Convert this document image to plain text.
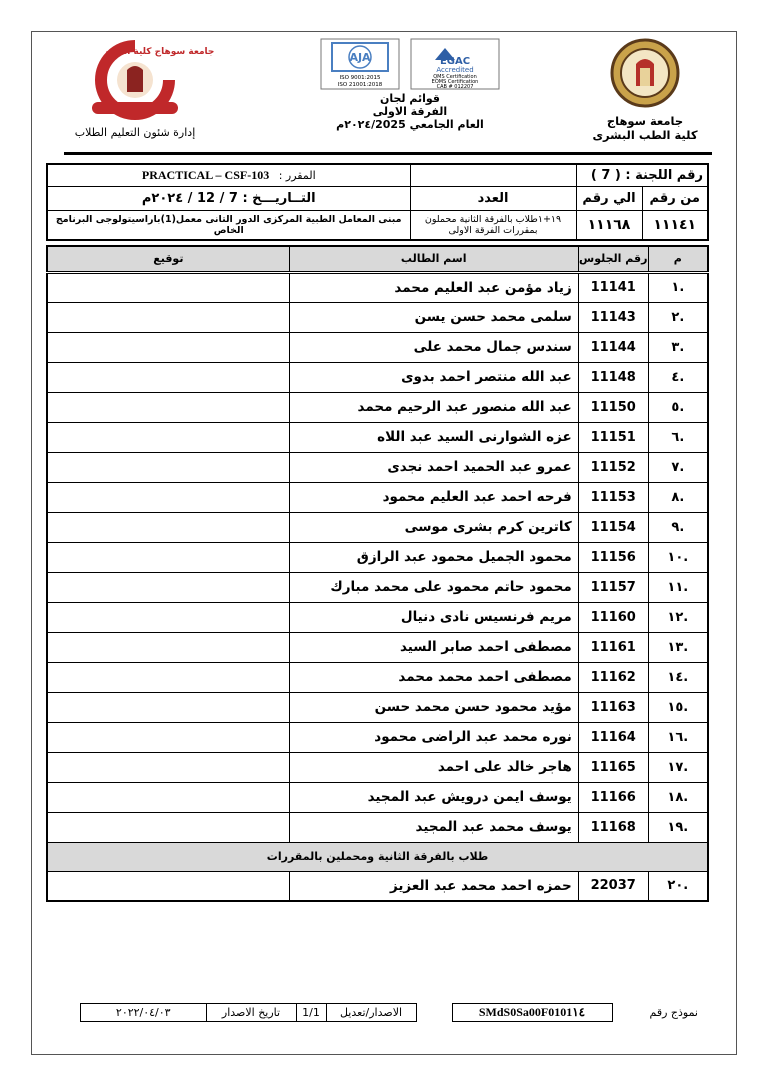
جامعة سوهاج
كلية الطب البشرى
EGAC
Accredited
QMS Certification
EOMS Certification
CAB # 012207
AJA
ISO 9001:2015
ISO 21001:2018
قوائم لجان
الفرقة الاولى
العام الجامعي ٢٠٢٤/2025م
جامعة سوهاج كلية الطب
إدارة شئون التعليم الطلاب
رقم اللجنة : ( 7 )			المقرر : PRACTICAL – CSF-103
من رقم	الي رقم	العدد	التــاريـــخ : 7 / 12 / ٢٠٢٤م
١١١٤١	١١١٦٨	١٩+١طلاب بالفرقة الثانية محملون بمقررات الفرقة الاولى	مبنى المعامل الطبية المركزى الدور التانى معمل(1)باراسيتولوجى البرنامج الخاص
م	رقم الجلوس	اسم الطالب	توقيع
.١	11141	زياد مؤمن عبد العليم محمد	
.٢	11143	سلمى محمد حسن يسن	
.٣	11144	سندس جمال محمد على	
.٤	11148	عبد الله منتصر احمد بدوى	
.٥	11150	عبد الله منصور عبد الرحيم محمد	
.٦	11151	عزه الشوارنى السيد عبد اللاه	
.٧	11152	عمرو عبد الحميد احمد نجدى	
.٨	11153	فرحه احمد عبد العليم محمود	
.٩	11154	كاترين كرم بشرى موسى	
.١٠	11156	محمود الجميل محمود عبد الرازق	
.١١	11157	محمود حاتم محمود على محمد مبارك	
.١٢	11160	مريم فرنسيس نادى دنيال	
.١٣	11161	مصطفى احمد صابر السيد	
.١٤	11162	مصطفى احمد محمد محمد	
.١٥	11163	مؤيد محمود حسن محمد حسن	
.١٦	11164	نوره محمد عبد الراضى محمود	
.١٧	11165	هاجر خالد على احمد	
.١٨	11166	يوسف ايمن درويش عبد المجيد	
.١٩	11168	يوسف محمد عبد المجيد	
طلاب بالفرقة الثانية ومحملين بالمقررات			
.٢٠	22037	حمزه احمد محمد عبد العزيز	
نموذج رقم	SMdS0Sa00F0101١٤		الاصدار/تعديل	1/1	تاريخ الاصدار	٢٠٢٢/٠٤/٠٣
